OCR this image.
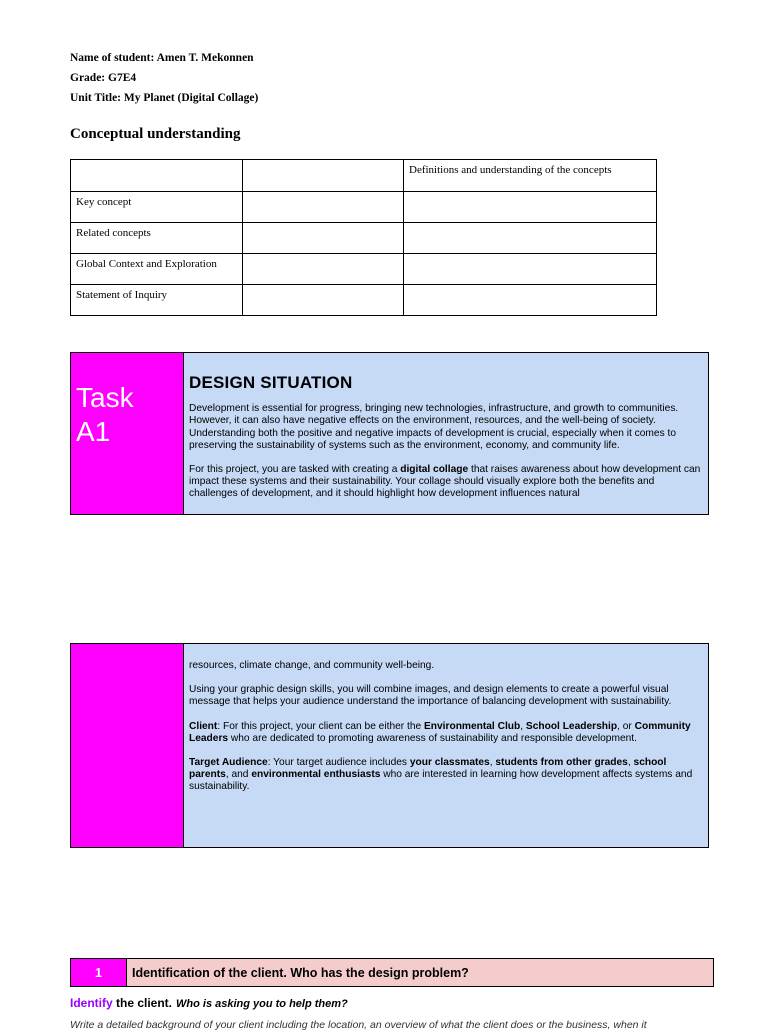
Name of student: Amen T. Mekonnen
Grade: G7E4
Unit Title: My Planet (Digital Collage)
Conceptual understanding
		Definitions and understanding of the concepts
Key concept		
Related concepts		
Global Context and Exploration		
Statement of Inquiry		
Task
A1
DESIGN SITUATION

Development is essential for progress, bringing new technologies, infrastructure, and growth to communities. However, it can also have negative effects on the environment, resources, and the well-being of society. Understanding both the positive and negative impacts of development is crucial, especially when it comes to preserving the sustainability of systems such as the environment, economy, and community life.

For this project, you are tasked with creating a digital collage that raises awareness about how development can impact these systems and their sustainability. Your collage should visually explore both the benefits and challenges of development, and it should highlight how development influences natural

resources, climate change, and community well-being.

Using your graphic design skills, you will combine images, and design elements to create a powerful visual message that helps your audience understand the importance of balancing development with sustainability.

Client: For this project, your client can be either the Environmental Club, School Leadership, or Community Leaders who are dedicated to promoting awareness of sustainability and responsible development.

Target Audience: Your target audience includes your classmates, students from other grades, school parents, and environmental enthusiasts who are interested in learning how development affects systems and sustainability.

1	Identification of the client. Who has the design problem?
Identify the client. Who is asking you to help them?
Write a detailed background of your client including the location, an overview of what the client does or the business, when it
